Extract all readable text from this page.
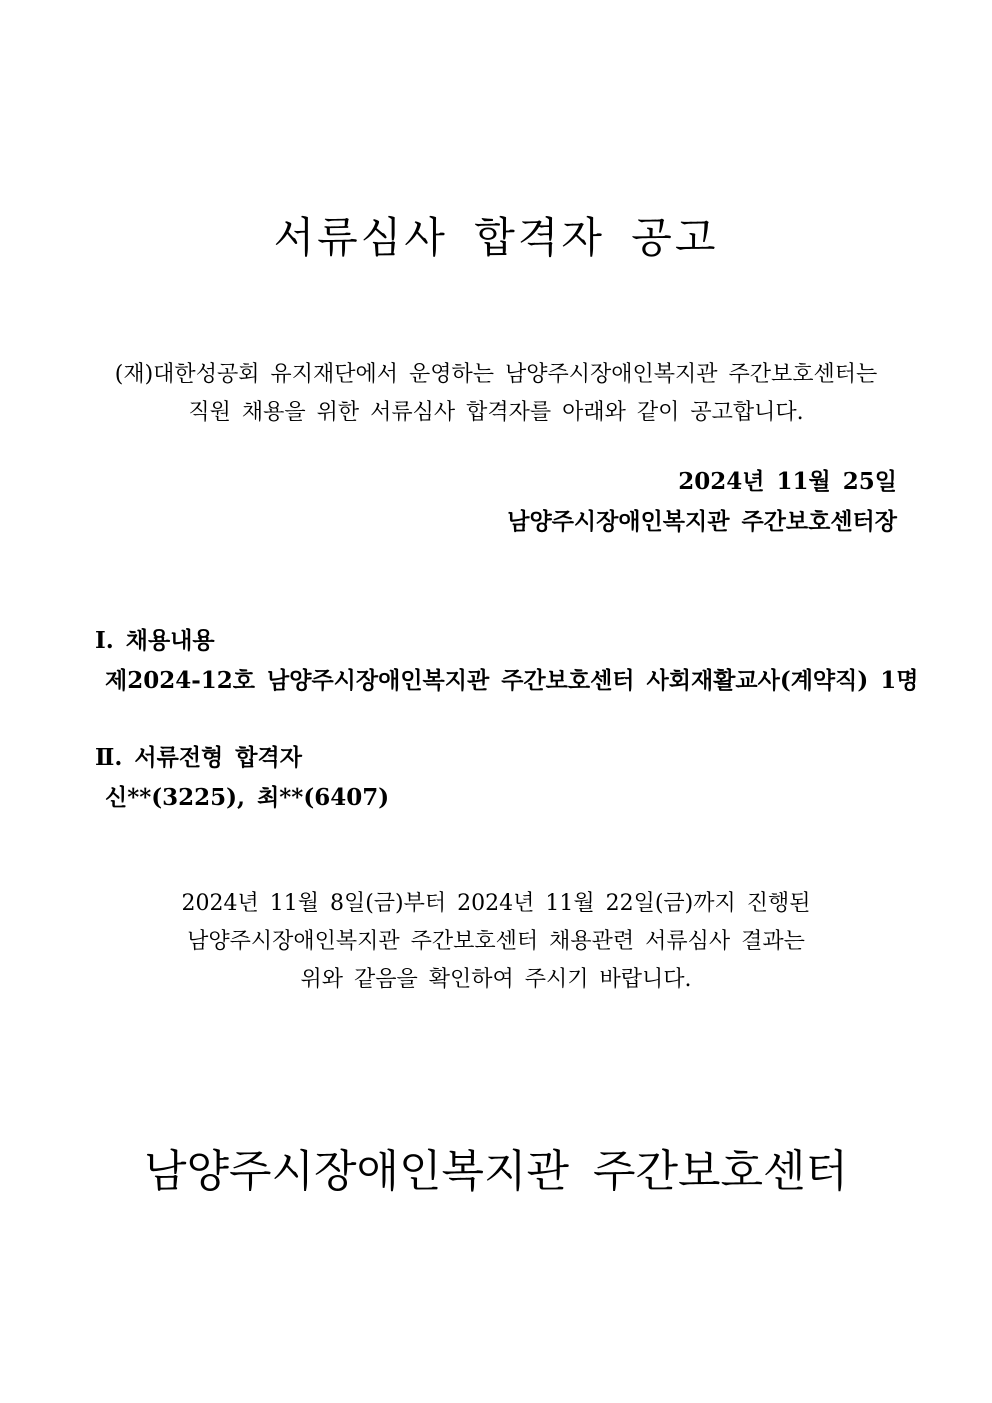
서류심사 합격자 공고
(재)대한성공회 유지재단에서 운영하는 남양주시장애인복지관 주간보호센터는
직원 채용을 위한 서류심사 합격자를 아래와 같이 공고합니다.
2024년 11월 25일
남양주시장애인복지관 주간보호센터장
Ⅰ. 채용내용
제2024-12호 남양주시장애인복지관 주간보호센터 사회재활교사(계약직) 1명
Ⅱ. 서류전형 합격자
신**(3225), 최**(6407)
2024년 11월 8일(금)부터 2024년 11월 22일(금)까지 진행된
남양주시장애인복지관 주간보호센터 채용관련 서류심사 결과는
위와 같음을 확인하여 주시기 바랍니다.
남양주시장애인복지관 주간보호센터
